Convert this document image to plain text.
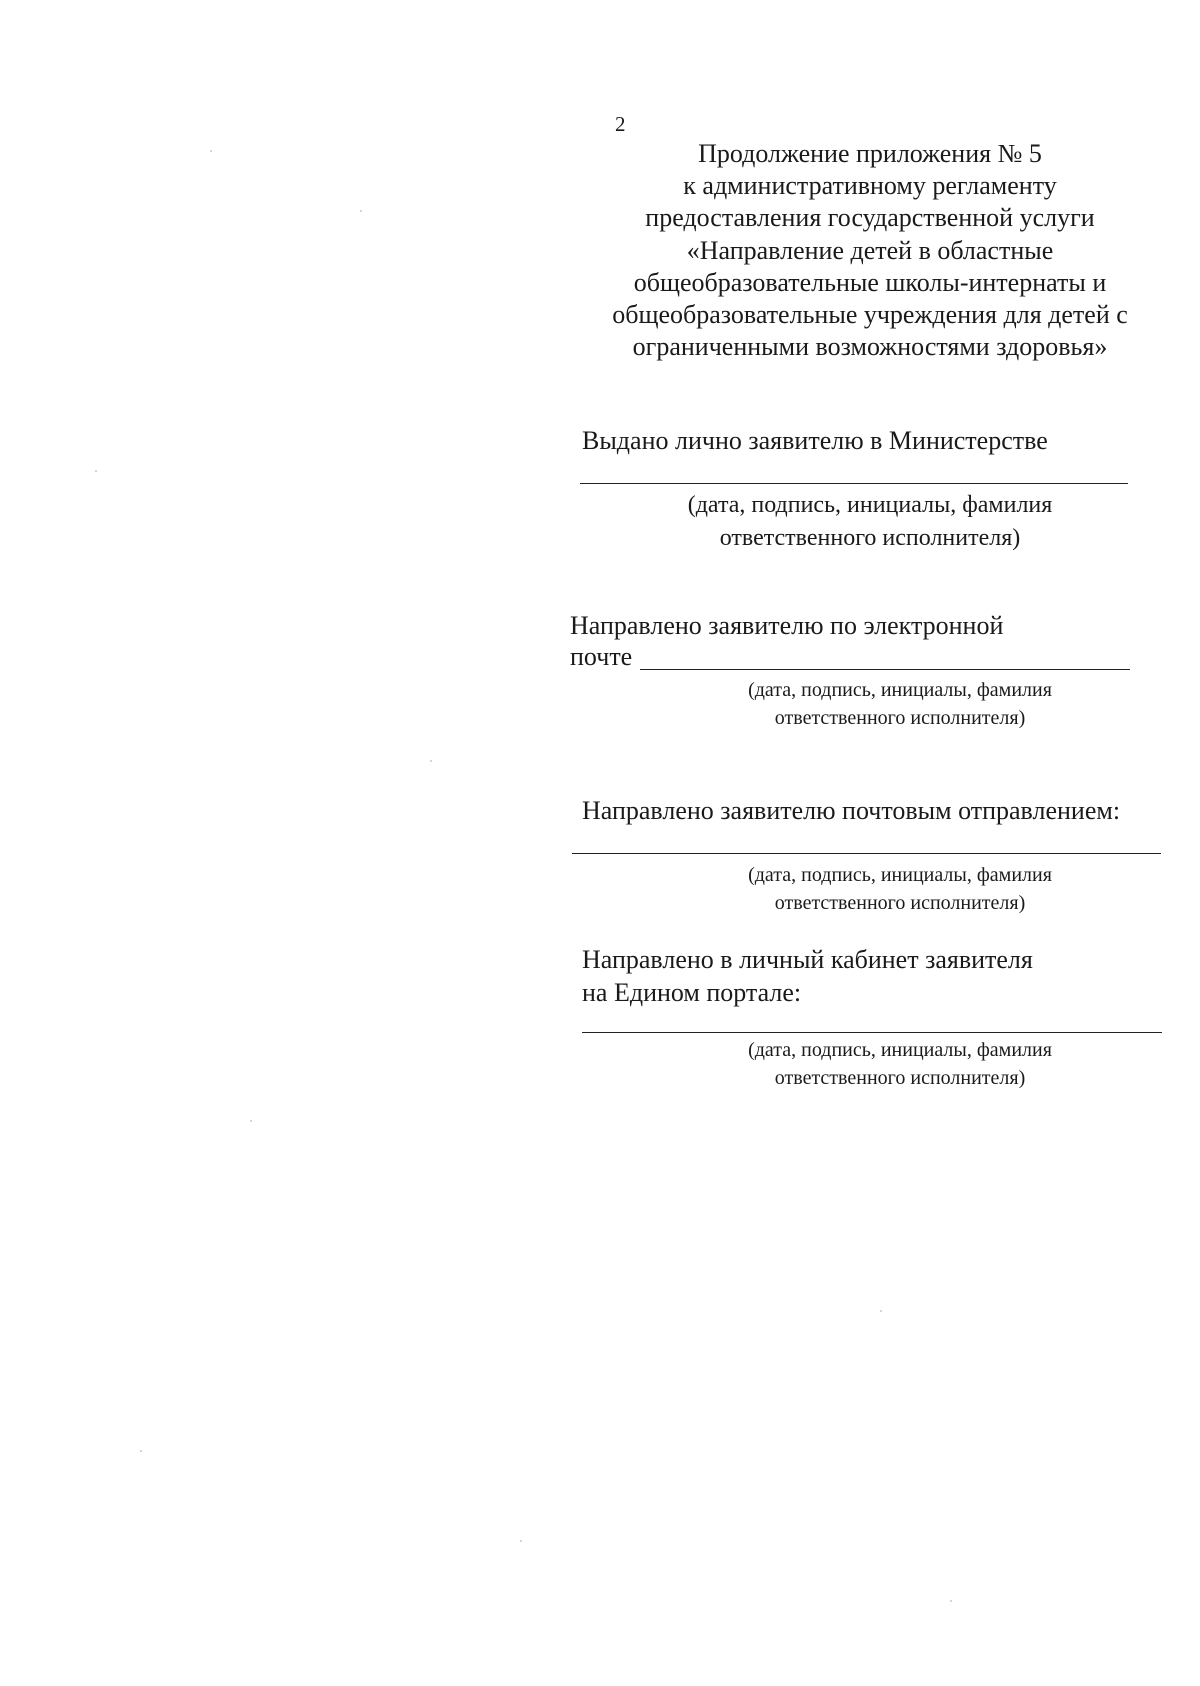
2
Продолжение приложения № 5
к административному регламенту
предоставления государственной услуги
«Направление детей в областные
общеобразовательные школы-интернаты и
общеобразовательные учреждения для детей с
ограниченными возможностями здоровья»
Выдано лично заявителю в Министерстве
(дата, подпись, инициалы, фамилия
ответственного исполнителя)
Направлено заявителю по электронной
почте
(дата, подпись, инициалы, фамилия
ответственного исполнителя)
Направлено заявителю почтовым отправлением:
(дата, подпись, инициалы, фамилия
ответственного исполнителя)
Направлено в личный кабинет заявителя
на Едином портале:
(дата, подпись, инициалы, фамилия
ответственного исполнителя)
